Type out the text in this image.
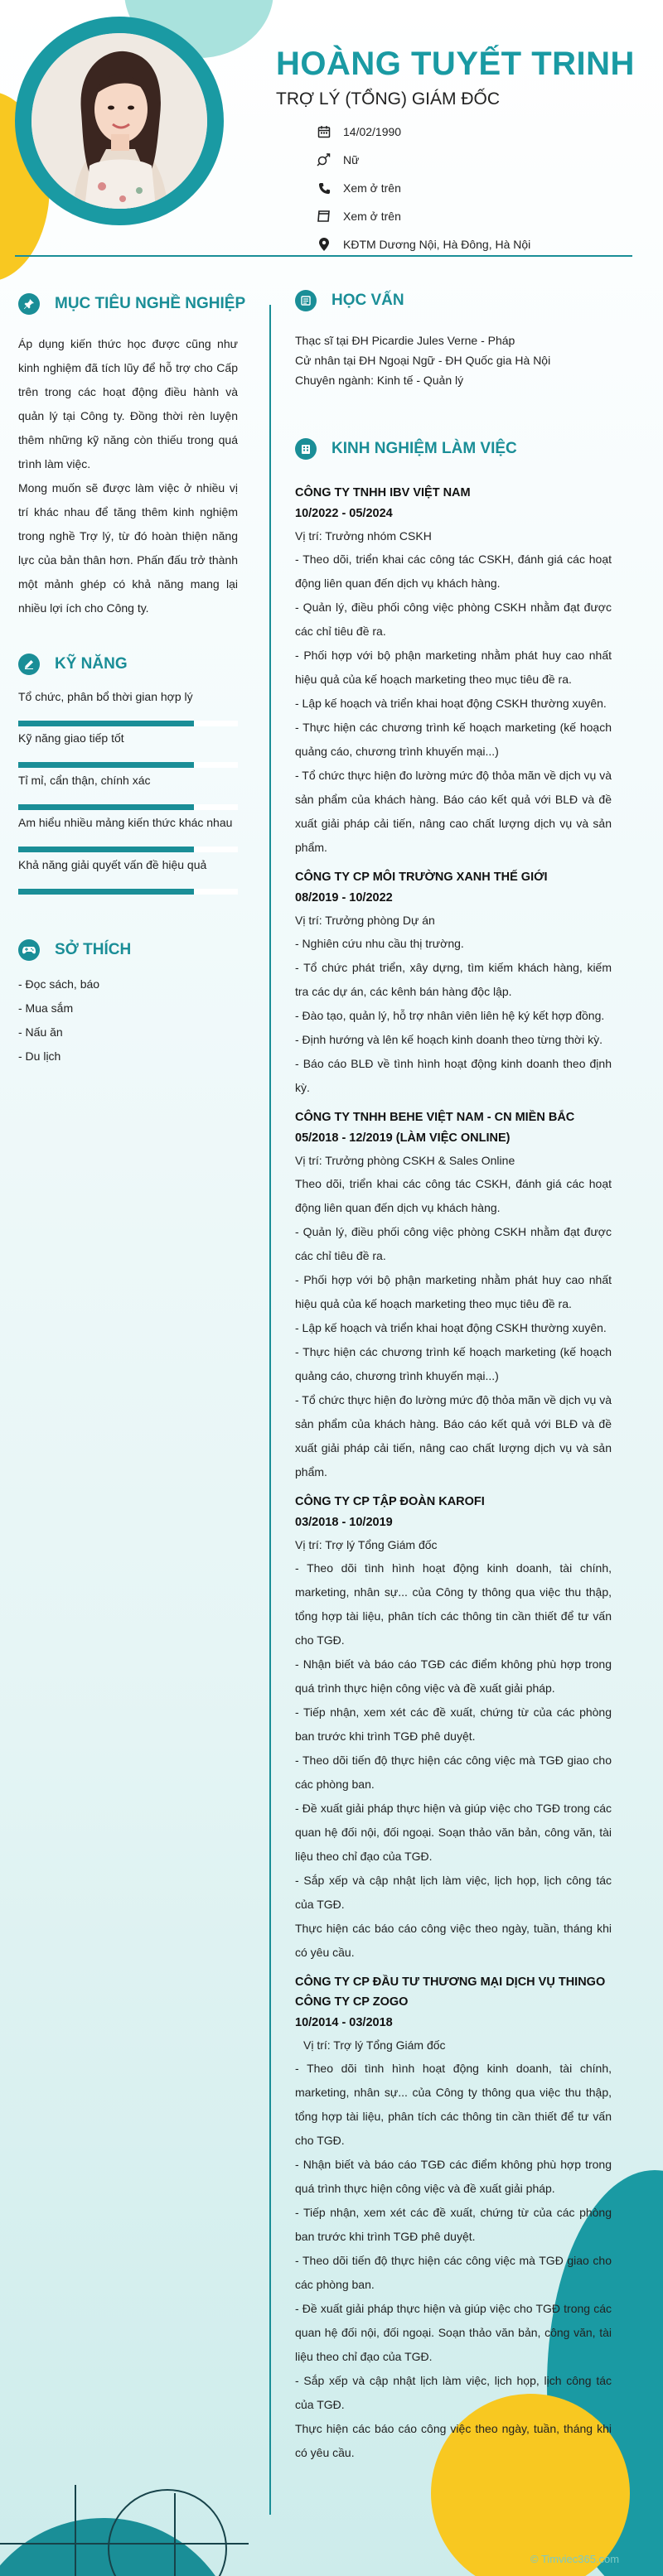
HOÀNG TUYẾT TRINH
TRỢ LÝ (TỔNG) GIÁM ĐỐC
14/02/1990
Nữ
Xem ở trên
Xem ở trên
KĐTM Dương Nội, Hà Đông, Hà Nội
MỤC TIÊU NGHỀ NGHIỆP
Áp dụng kiến thức học được cũng như kinh nghiệm đã tích lũy để hỗ trợ cho Cấp trên trong các hoạt động điều hành và quản lý tại Công ty. Đồng thời rèn luyện thêm những kỹ năng còn thiếu trong quá trình làm việc.
Mong muốn sẽ được làm việc ở nhiều vị trí khác nhau để tăng thêm kinh nghiệm trong nghề Trợ lý, từ đó hoàn thiện năng lực của bản thân hơn. Phấn đấu trở thành một mảnh ghép có khả năng mang lại nhiều lợi ích cho Công ty.
KỸ NĂNG
Tổ chức, phân bổ thời gian hợp lý
Kỹ năng giao tiếp tốt
Tỉ mỉ, cẩn thận, chính xác
Am hiểu nhiều mảng kiến thức khác nhau
Khả năng giải quyết vấn đề hiệu quả
SỞ THÍCH
- Đọc sách, báo
- Mua sắm
- Nấu ăn
- Du lịch
HỌC VẤN
Thạc sĩ tại ĐH Picardie Jules Verne - Pháp
Cử nhân tại ĐH Ngoại Ngữ - ĐH Quốc gia Hà Nội
Chuyên ngành: Kinh tế - Quản lý
KINH NGHIỆM LÀM VIỆC
CÔNG TY TNHH IBV VIỆT NAM
10/2022 - 05/2024
Vị trí: Trưởng nhóm CSKH
- Theo dõi, triển khai các công tác CSKH, đánh giá các hoạt động liên quan đến dịch vụ khách hàng.
- Quản lý, điều phối công việc phòng CSKH nhằm đạt được các chỉ tiêu đề ra.
- Phối hợp với bộ phận marketing nhằm phát huy cao nhất hiệu quả của kế hoạch marketing theo mục tiêu đề ra.
- Lập kế hoạch và triển khai hoạt động CSKH thường xuyên.
- Thực hiện các chương trình kế hoạch marketing (kế hoạch quảng cáo, chương trình khuyến mại...)
- Tổ chức thực hiện đo lường mức độ thỏa mãn về dịch vụ và sản phẩm của khách hàng. Báo cáo kết quả với BLĐ và đề xuất giải pháp cải tiến, nâng cao chất lượng dịch vụ và sản phẩm.
CÔNG TY CP MÔI TRƯỜNG XANH THẾ GIỚI
08/2019 - 10/2022
Vị trí: Trưởng phòng Dự án
- Nghiên cứu nhu cầu thị trường.
- Tổ chức phát triển, xây dựng, tìm kiếm khách hàng, kiếm tra các dự án, các kênh bán hàng độc lập.
- Đào tạo, quản lý, hỗ trợ nhân viên liên hệ ký kết hợp đồng.
- Định hướng và lên kế hoạch kinh doanh theo từng thời kỳ.
- Báo cáo BLĐ về tình hình hoạt động kinh doanh theo định kỳ.
CÔNG TY TNHH BEHE VIỆT NAM - CN MIỀN BẮC
05/2018 - 12/2019 (LÀM VIỆC ONLINE)
Vị trí: Trưởng phòng CSKH & Sales Online
Theo dõi, triển khai các công tác CSKH, đánh giá các hoạt động liên quan đến dịch vụ khách hàng.
- Quản lý, điều phối công việc phòng CSKH nhằm đạt được các chỉ tiêu đề ra.
- Phối hợp với bộ phận marketing nhằm phát huy cao nhất hiệu quả của kế hoạch marketing theo mục tiêu đề ra.
- Lập kế hoạch và triển khai hoạt động CSKH thường xuyên.
- Thực hiện các chương trình kế hoạch marketing (kế hoạch quảng cáo, chương trình khuyến mại...)
- Tổ chức thực hiện đo lường mức độ thỏa mãn về dịch vụ và sản phẩm của khách hàng. Báo cáo kết quả với BLĐ và đề xuất giải pháp cải tiến, nâng cao chất lượng dịch vụ và sản phẩm.
CÔNG TY CP TẬP ĐOÀN KAROFI
03/2018 - 10/2019
Vị trí: Trợ lý Tổng Giám đốc
- Theo dõi tình hình hoạt động kinh doanh, tài chính, marketing, nhân sự... của Công ty thông qua việc thu thập, tổng hợp tài liệu, phân tích các thông tin cần thiết để tư vấn cho TGĐ.
- Nhận biết và báo cáo TGĐ các điểm không phù hợp trong quá trình thực hiện công việc và đề xuất giải pháp.
- Tiếp nhận, xem xét các đề xuất, chứng từ của các phòng ban trước khi trình TGĐ phê duyệt.
- Theo dõi tiến độ thực hiện các công việc mà TGĐ giao cho các phòng ban.
- Đề xuất giải pháp thực hiện và giúp việc cho TGĐ trong các quan hệ đối nội, đối ngoại. Soạn thảo văn bản, công văn, tài liệu theo chỉ đạo của TGĐ.
- Sắp xếp và cập nhật lịch làm việc, lịch họp, lịch công tác của TGĐ.
Thực hiện các báo cáo công việc theo ngày, tuần, tháng khi có yêu cầu.
CÔNG TY CP ĐẦU TƯ THƯƠNG MẠI DỊCH VỤ THINGO
CÔNG TY CP ZOGO
10/2014 - 03/2018
Vị trí: Trợ lý Tổng Giám đốc
- Theo dõi tình hình hoạt động kinh doanh, tài chính, marketing, nhân sự... của Công ty thông qua việc thu thập, tổng hợp tài liệu, phân tích các thông tin cần thiết để tư vấn cho TGĐ.
- Nhận biết và báo cáo TGĐ các điểm không phù hợp trong quá trình thực hiện công việc và đề xuất giải pháp.
- Tiếp nhận, xem xét các đề xuất, chứng từ của các phòng ban trước khi trình TGĐ phê duyệt.
- Theo dõi tiến độ thực hiện các công việc mà TGĐ giao cho các phòng ban.
- Đề xuất giải pháp thực hiện và giúp việc cho TGĐ trong các quan hệ đối nội, đối ngoại. Soạn thảo văn bản, công văn, tài liệu theo chỉ đạo của TGĐ.
- Sắp xếp và cập nhật lịch làm việc, lịch họp, lịch công tác của TGĐ.
Thực hiện các báo cáo công việc theo ngày, tuần, tháng khi có yêu cầu.
© Timviec365.com
